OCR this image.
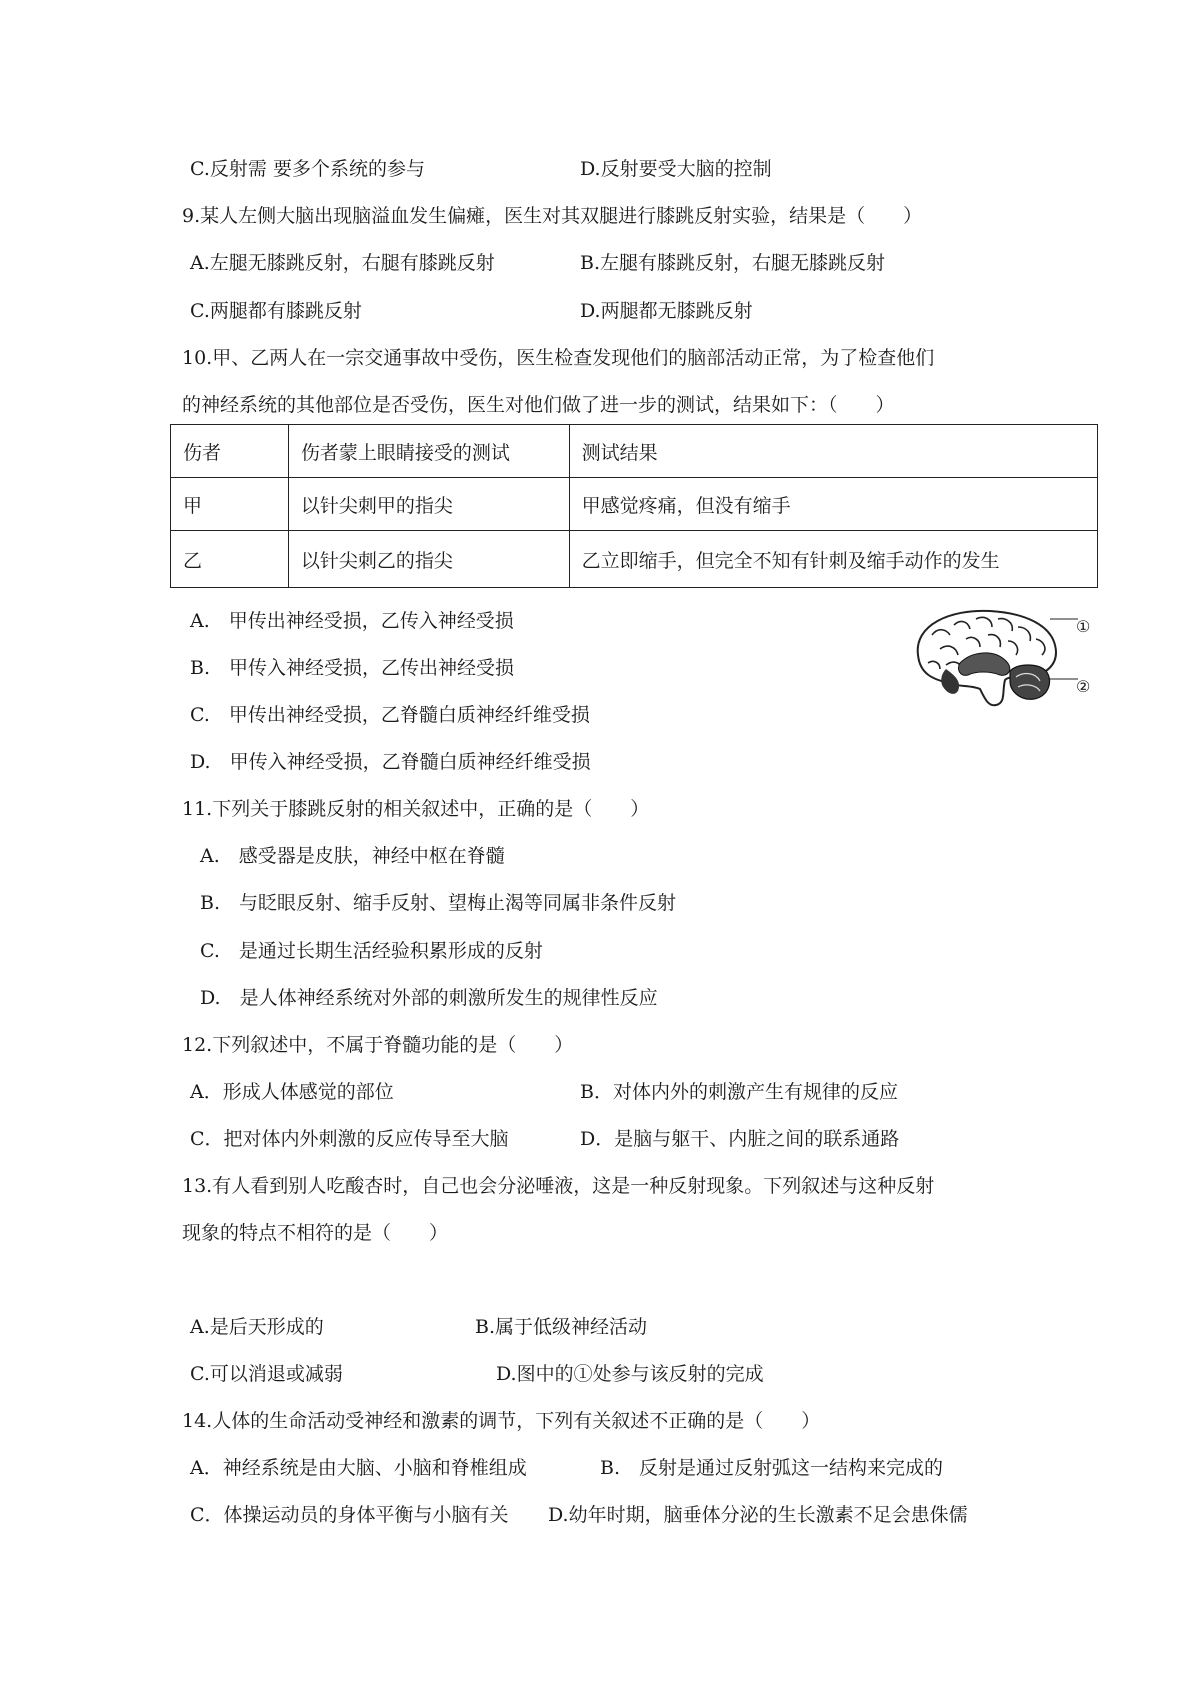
C.反射需 要多个系统的参与	D.反射要受大脑的控制
9.某人左侧大脑出现脑溢血发生偏瘫，医生对其双腿进行膝跳反射实验，结果是（　　）
A.左腿无膝跳反射，右腿有膝跳反射	B.左腿有膝跳反射，右腿无膝跳反射
C.两腿都有膝跳反射	D.两腿都无膝跳反射
10.甲、乙两人在一宗交通事故中受伤，医生检查发现他们的脑部活动正常，为了检查他们
的神经系统的其他部位是否受伤，医生对他们做了进一步的测试，结果如下：（　　）
伤者	伤者蒙上眼睛接受的测试	测试结果
甲	以针尖刺甲的指尖	甲感觉疼痛，但没有缩手
乙	以针尖刺乙的指尖	乙立即缩手，但完全不知有针刺及缩手动作的发生
A.　甲传出神经受损，乙传入神经受损
B.　甲传入神经受损，乙传出神经受损
C.　甲传出神经受损，乙脊髓白质神经纤维受损
D.　甲传入神经受损，乙脊髓白质神经纤维受损
①
②
11.下列关于膝跳反射的相关叙述中，正确的是（　　）
A.　感受器是皮肤，神经中枢在脊髓
B.　与眨眼反射、缩手反射、望梅止渴等同属非条件反射
C.　是通过长期生活经验积累形成的反射
D.　是人体神经系统对外部的刺激所发生的规律性反应
12.下列叙述中，不属于脊髓功能的是（　　）
A．形成人体感觉的部位	B．对体内外的刺激产生有规律的反应
C．把对体内外刺激的反应传导至大脑	D．是脑与躯干、内脏之间的联系通路
13.有人看到别人吃酸杏时，自己也会分泌唾液，这是一种反射现象。下列叙述与这种反射
现象的特点不相符的是（　　）
A.是后天形成的	B.属于低级神经活动
C.可以消退或减弱	D.图中的①处参与该反射的完成
14.人体的生命活动受神经和激素的调节，下列有关叙述不正确的是（　　）
A．神经系统是由大脑、小脑和脊椎组成	B.　反射是通过反射弧这一结构来完成的
C．体操运动员的身体平衡与小脑有关 D.幼年时期，脑垂体分泌的生长激素不足会患侏儒
